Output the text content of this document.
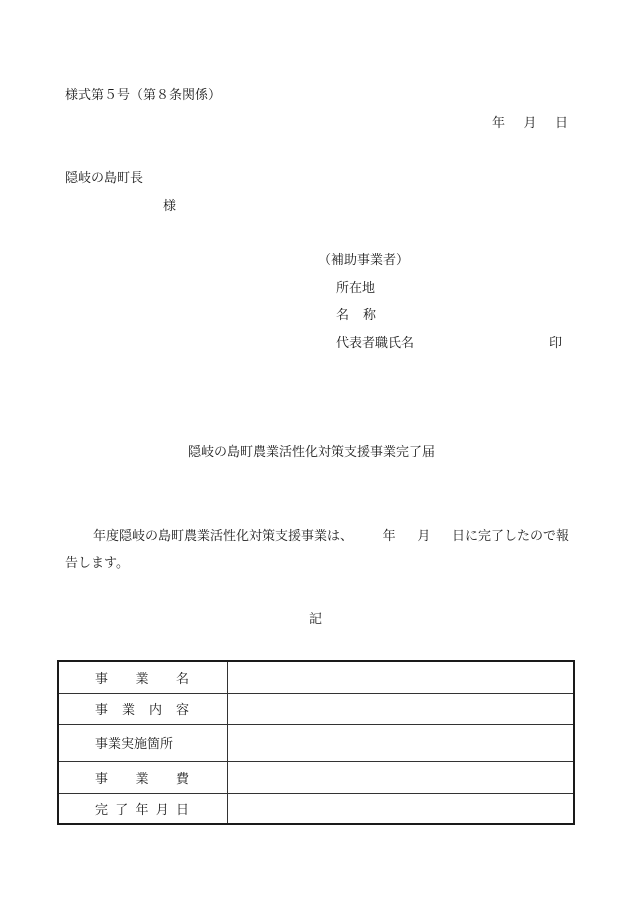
様式第５号（第８条関係）
年 月 日
隠岐の島町長
様
（補助事業者）
所在地
名 称
代表者職氏名	印
隠岐の島町農業活性化対策支援事業完了届
年度隠岐の島町農業活性化対策支援事業は、 年 月 日に完了したので報
告します。
記
事 業 名	

事 業 内 容	

事業実施箇所	

事 業 費	

完 了 年 月 日	
